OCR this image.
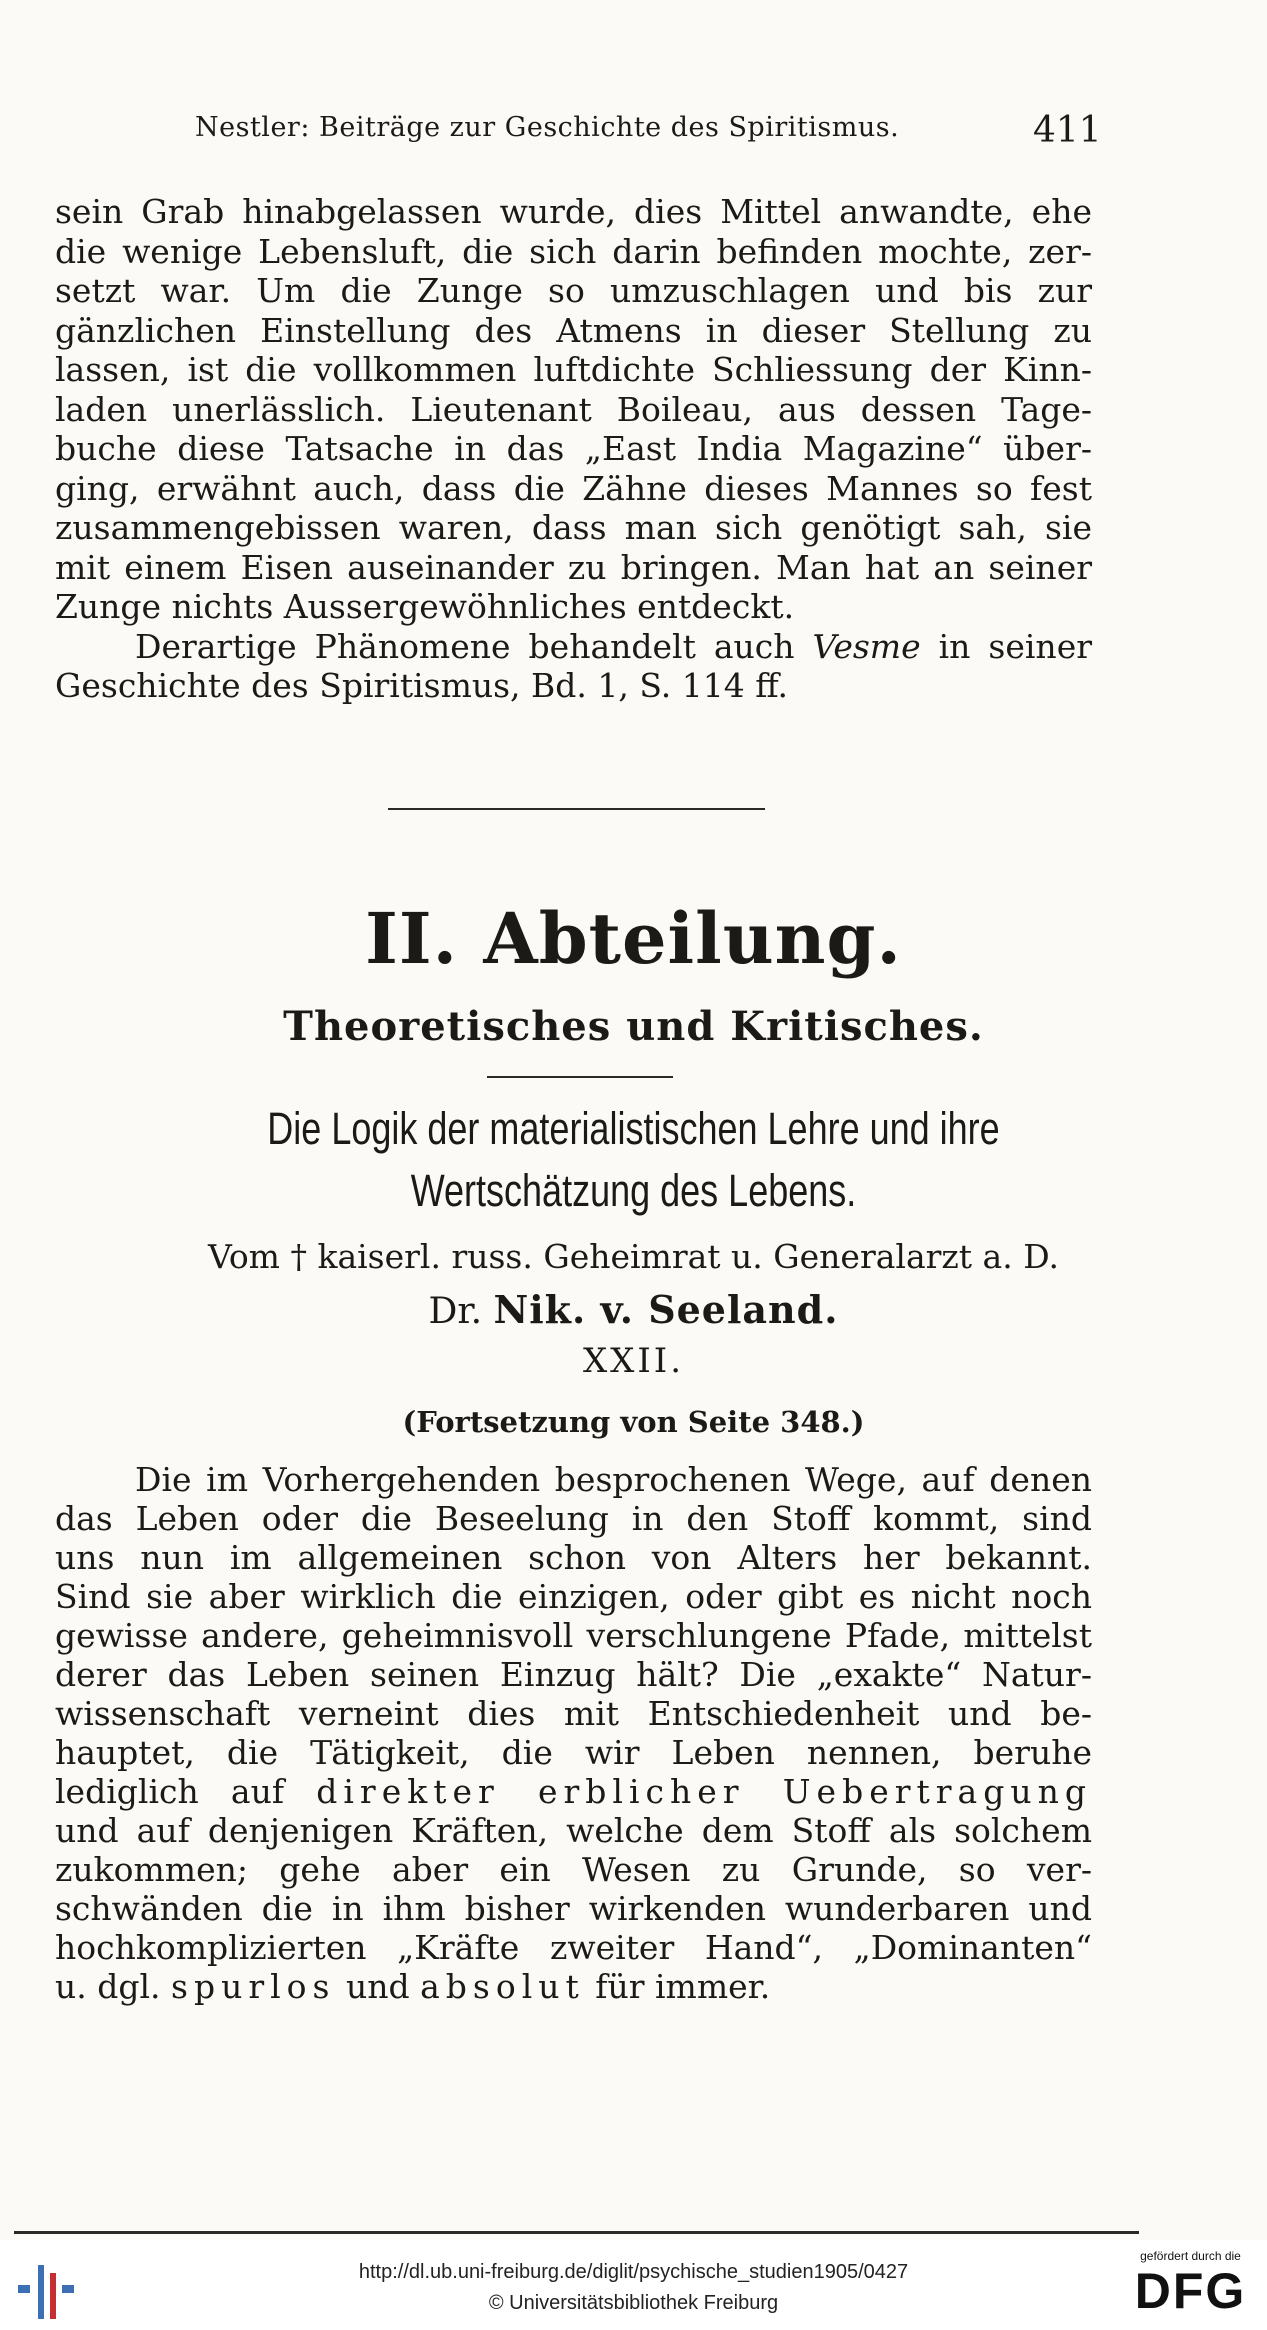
Nestler: Beiträge zur Geschichte des Spiritismus.	411
sein Grab hinabgelassen wurde, dies Mittel anwandte, ehe
die wenige Lebensluft, die sich darin befinden mochte, zer-
setzt war. Um die Zunge so umzuschlagen und bis zur
gänzlichen Einstellung des Atmens in dieser Stellung zu
lassen, ist die vollkommen luftdichte Schliessung der Kinn-
laden unerlässlich. Lieutenant Boileau, aus dessen Tage-
buche diese Tatsache in das „East India Magazine“ über-
ging, erwähnt auch, dass die Zähne dieses Mannes so fest
zusammengebissen waren, dass man sich genötigt sah, sie
mit einem Eisen auseinander zu bringen. Man hat an seiner
Zunge nichts Aussergewöhnliches entdeckt.
Derartige Phänomene behandelt auch Vesme in seiner
Geschichte des Spiritismus, Bd. 1, S. 114 ff.
II. Abteilung.
Theoretisches und Kritisches.
Die Logik der materialistischen Lehre und ihre
Wertschätzung des Lebens.
Vom † kaiserl. russ. Geheimrat u. Generalarzt a. D.
Dr. Nik. v. Seeland.
XXII.
(Fortsetzung von Seite 348.)
Die im Vorhergehenden besprochenen Wege, auf denen
das Leben oder die Beseelung in den Stoff kommt, sind
uns nun im allgemeinen schon von Alters her bekannt.
Sind sie aber wirklich die einzigen, oder gibt es nicht noch
gewisse andere, geheimnisvoll verschlungene Pfade, mittelst
derer das Leben seinen Einzug hält? Die „exakte“ Natur-
wissenschaft verneint dies mit Entschiedenheit und be-
hauptet, die Tätigkeit, die wir Leben nennen, beruhe
lediglich auf direkter erblicher Uebertragung
und auf denjenigen Kräften, welche dem Stoff als solchem
zukommen; gehe aber ein Wesen zu Grunde, so ver-
schwänden die in ihm bisher wirkenden wunderbaren und
hochkomplizierten „Kräfte zweiter Hand“, „Dominanten“
u. dgl. spurlos und absolut für immer.
http://dl.ub.uni-freiburg.de/diglit/psychische_studien1905/0427
© Universitätsbibliothek Freiburg
gefördert durch die
DFG
